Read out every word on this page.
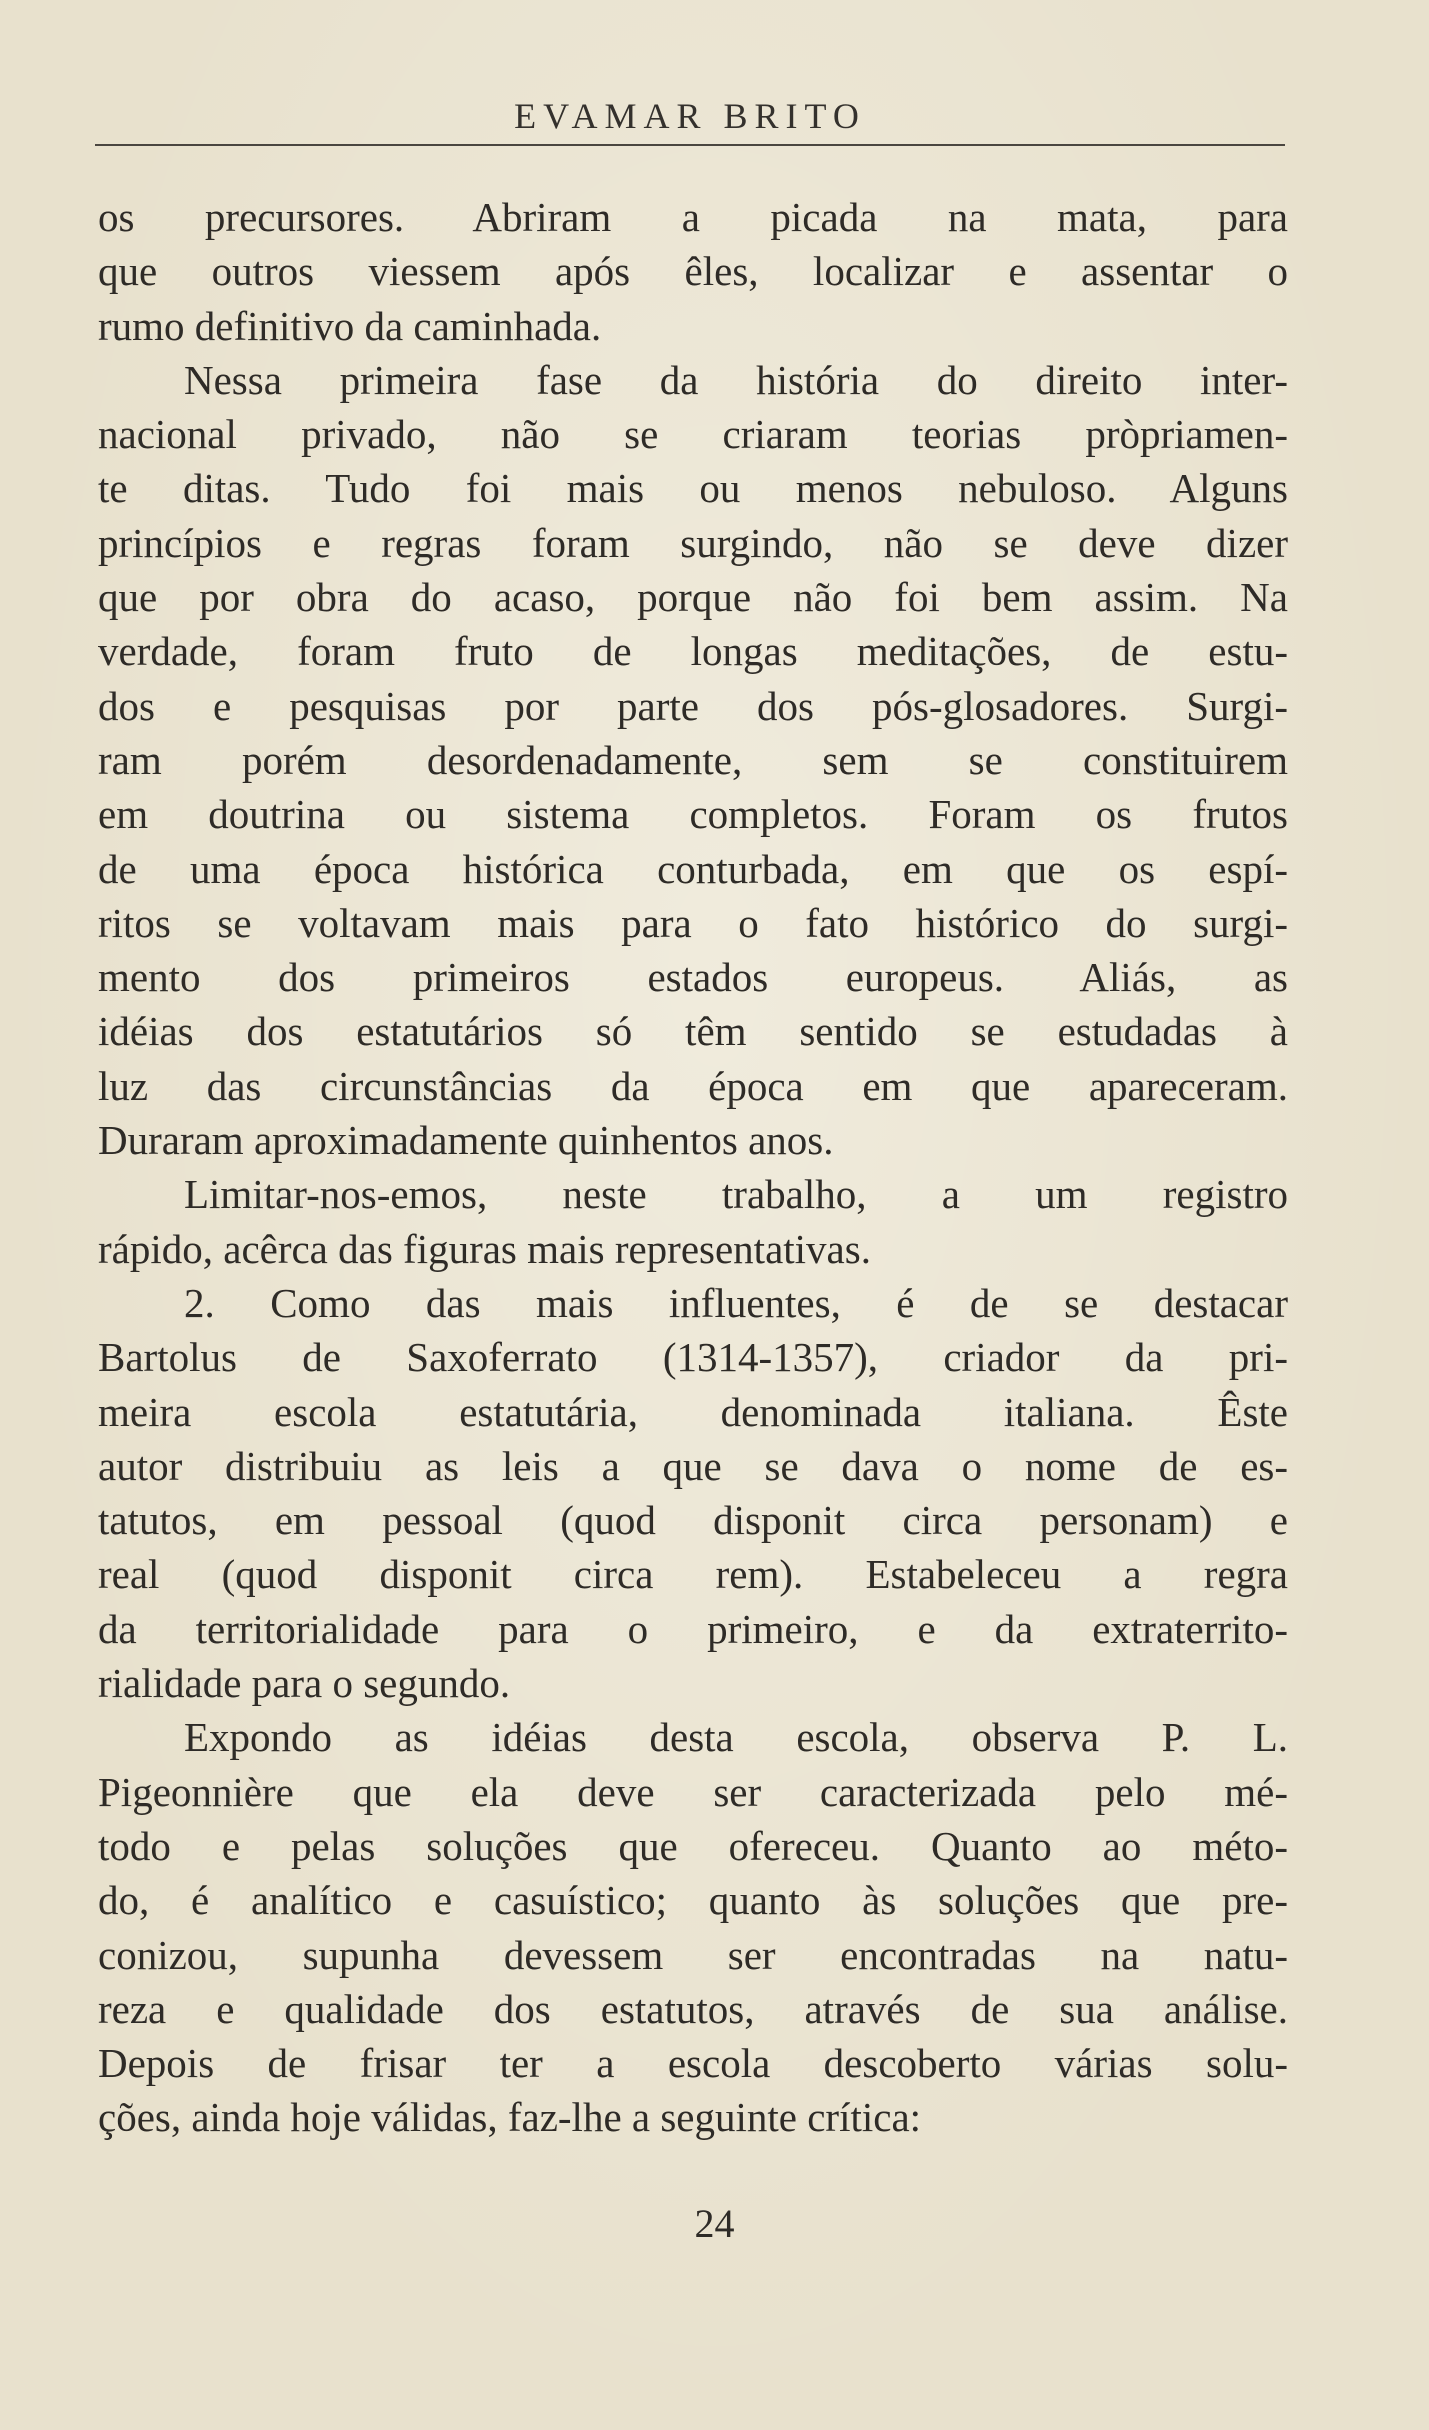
EVAMAR BRITO
os precursores. Abriram a picada na mata, para
que outros viessem após êles, localizar e assentar o
rumo definitivo da caminhada.
Nessa primeira fase da história do direito inter-
nacional privado, não se criaram teorias pròpriamen-
te ditas. Tudo foi mais ou menos nebuloso. Alguns
princípios e regras foram surgindo, não se deve dizer
que por obra do acaso, porque não foi bem assim. Na
verdade, foram fruto de longas meditações, de estu-
dos e pesquisas por parte dos pós-glosadores. Surgi-
ram porém desordenadamente, sem se constituirem
em doutrina ou sistema completos. Foram os frutos
de uma época histórica conturbada, em que os espí-
ritos se voltavam mais para o fato histórico do surgi-
mento dos primeiros estados europeus. Aliás, as
idéias dos estatutários só têm sentido se estudadas à
luz das circunstâncias da época em que apareceram.
Duraram aproximadamente quinhentos anos.
Limitar-nos-emos, neste trabalho, a um registro
rápido, acêrca das figuras mais representativas.
2. Como das mais influentes, é de se destacar
Bartolus de Saxoferrato (1314-1357), criador da pri-
meira escola estatutária, denominada italiana. Êste
autor distribuiu as leis a que se dava o nome de es-
tatutos, em pessoal (quod disponit circa personam) e
real (quod disponit circa rem). Estabeleceu a regra
da territorialidade para o primeiro, e da extraterrito-
rialidade para o segundo.
Expondo as idéias desta escola, observa P. L.
Pigeonnière que ela deve ser caracterizada pelo mé-
todo e pelas soluções que ofereceu. Quanto ao méto-
do, é analítico e casuístico; quanto às soluções que pre-
conizou, supunha devessem ser encontradas na natu-
reza e qualidade dos estatutos, através de sua análise.
Depois de frisar ter a escola descoberto várias solu-
ções, ainda hoje válidas, faz-lhe a seguinte crítica:
24
